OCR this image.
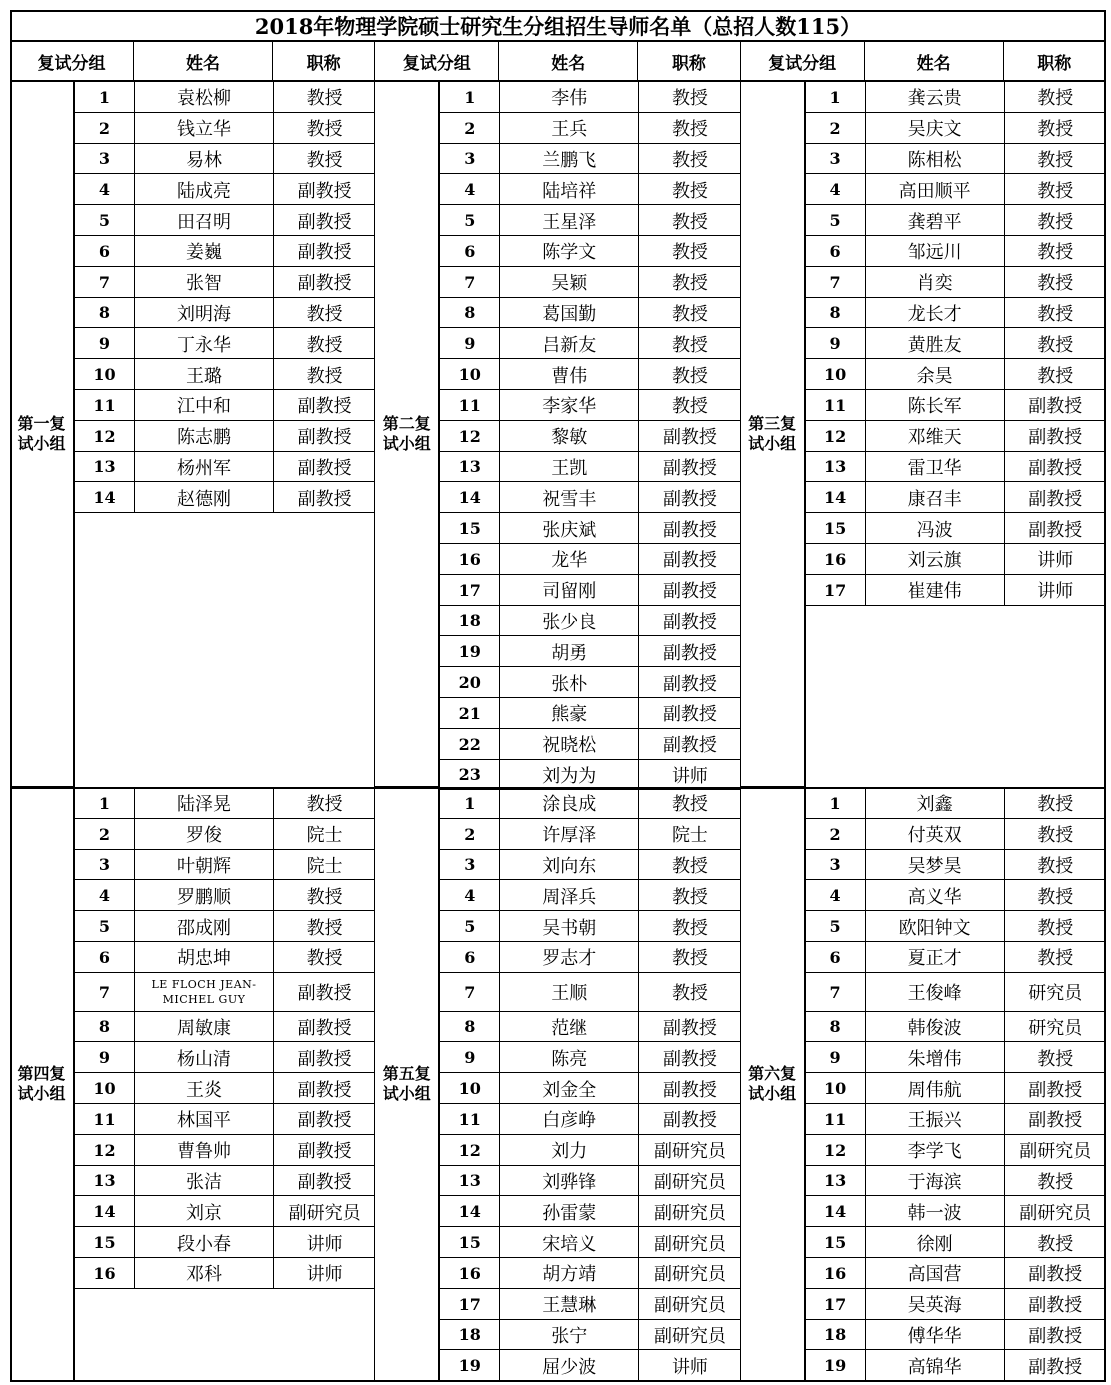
2018年物理学院硕士研究生分组招生导师名单（总招人数115）
复试分组	姓名	职称	复试分组	姓名	职称	复试分组	姓名	职称
第一复试小组
1	袁松柳	教授
2	钱立华	教授
3	易林	教授
4	陆成亮	副教授
5	田召明	副教授
6	姜巍	副教授
7	张智	副教授
8	刘明海	教授
9	丁永华	教授
10	王璐	教授
11	江中和	副教授
12	陈志鹏	副教授
13	杨州军	副教授
14	赵德刚	副教授
第二复试小组
1	李伟	教授
2	王兵	教授
3	兰鹏飞	教授
4	陆培祥	教授
5	王星泽	教授
6	陈学文	教授
7	吴颖	教授
8	葛国勤	教授
9	吕新友	教授
10	曹伟	教授
11	李家华	教授
12	黎敏	副教授
13	王凯	副教授
14	祝雪丰	副教授
15	张庆斌	副教授
16	龙华	副教授
17	司留刚	副教授
18	张少良	副教授
19	胡勇	副教授
20	张朴	副教授
21	熊豪	副教授
22	祝晓松	副教授
23	刘为为	讲师
第三复试小组
1	龚云贵	教授
2	吴庆文	教授
3	陈相松	教授
4	高田顺平	教授
5	龚碧平	教授
6	邹远川	教授
7	肖奕	教授
8	龙长才	教授
9	黄胜友	教授
10	余昊	教授
11	陈长军	副教授
12	邓维天	副教授
13	雷卫华	副教授
14	康召丰	副教授
15	冯波	副教授
16	刘云旗	讲师
17	崔建伟	讲师
第四复试小组
1	陆泽晃	教授
2	罗俊	院士
3	叶朝辉	院士
4	罗鹏顺	教授
5	邵成刚	教授
6	胡忠坤	教授
7	LE FLOCH JEAN-MICHEL GUY	副教授
8	周敏康	副教授
9	杨山清	副教授
10	王炎	副教授
11	林国平	副教授
12	曹鲁帅	副教授
13	张洁	副教授
14	刘京	副研究员
15	段小春	讲师
16	邓科	讲师
第五复试小组
1	涂良成	教授
2	许厚泽	院士
3	刘向东	教授
4	周泽兵	教授
5	吴书朝	教授
6	罗志才	教授
7	王顺	教授
8	范继	副教授
9	陈亮	副教授
10	刘金全	副教授
11	白彦峥	副教授
12	刘力	副研究员
13	刘骅锋	副研究员
14	孙雷蒙	副研究员
15	宋培义	副研究员
16	胡方靖	副研究员
17	王慧琳	副研究员
18	张宁	副研究员
19	屈少波	讲师
第六复试小组
1	刘鑫	教授
2	付英双	教授
3	吴梦昊	教授
4	高义华	教授
5	欧阳钟文	教授
6	夏正才	教授
7	王俊峰	研究员
8	韩俊波	研究员
9	朱增伟	教授
10	周伟航	副教授
11	王振兴	副教授
12	李学飞	副研究员
13	于海滨	教授
14	韩一波	副研究员
15	徐刚	教授
16	高国营	副教授
17	吴英海	副教授
18	傅华华	副教授
19	高锦华	副教授
